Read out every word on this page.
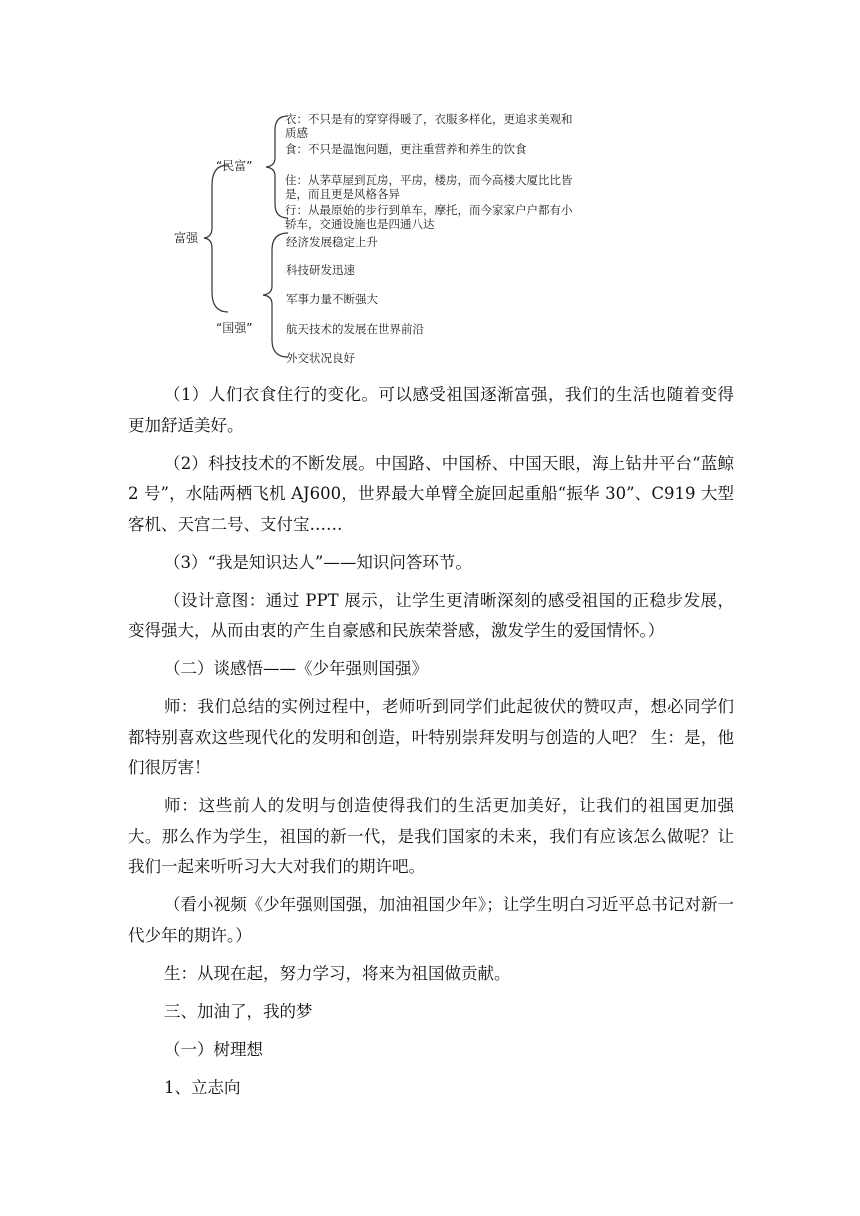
富强
“民富”
“国强”
衣：不只是有的穿穿得暖了，衣服多样化，更追求美观和质感
食：不只是温饱问题，更注重营养和养生的饮食
住：从茅草屋到瓦房，平房，楼房，而今高楼大厦比比皆是，而且更是风格各异
行：从最原始的步行到单车，摩托，而今家家户户都有小轿车，交通设施也是四通八达
经济发展稳定上升
科技研发迅速
军事力量不断强大
航天技术的发展在世界前沿
外交状况良好

（1）人们衣食住行的变化。可以感受祖国逐渐富强，我们的生活也随着变得更加舒适美好。

（2）科技技术的不断发展。中国路、中国桥、中国天眼，海上钻井平台“蓝鲸 2 号”，水陆两栖飞机 AJ600，世界最大单臂全旋回起重船“振华 30”、C919 大型客机、天宫二号、支付宝……

（3）“我是知识达人”——知识问答环节。

（设计意图：通过 PPT 展示，让学生更清晰深刻的感受祖国的正稳步发展，变得强大，从而由衷的产生自豪感和民族荣誉感，激发学生的爱国情怀。）

（二）谈感悟——《少年强则国强》

师：我们总结的实例过程中，老师听到同学们此起彼伏的赞叹声，想必同学们都特别喜欢这些现代化的发明和创造，叶特别崇拜发明与创造的人吧？ 生：是，他们很厉害！

师：这些前人的发明与创造使得我们的生活更加美好，让我们的祖国更加强大。那么作为学生，祖国的新一代，是我们国家的未来，我们有应该怎么做呢？让我们一起来听听习大大对我们的期许吧。

（看小视频《少年强则国强，加油祖国少年》；让学生明白习近平总书记对新一代少年的期许。）

生：从现在起，努力学习，将来为祖国做贡献。

三、加油了，我的梦

（一）树理想

1、立志向
